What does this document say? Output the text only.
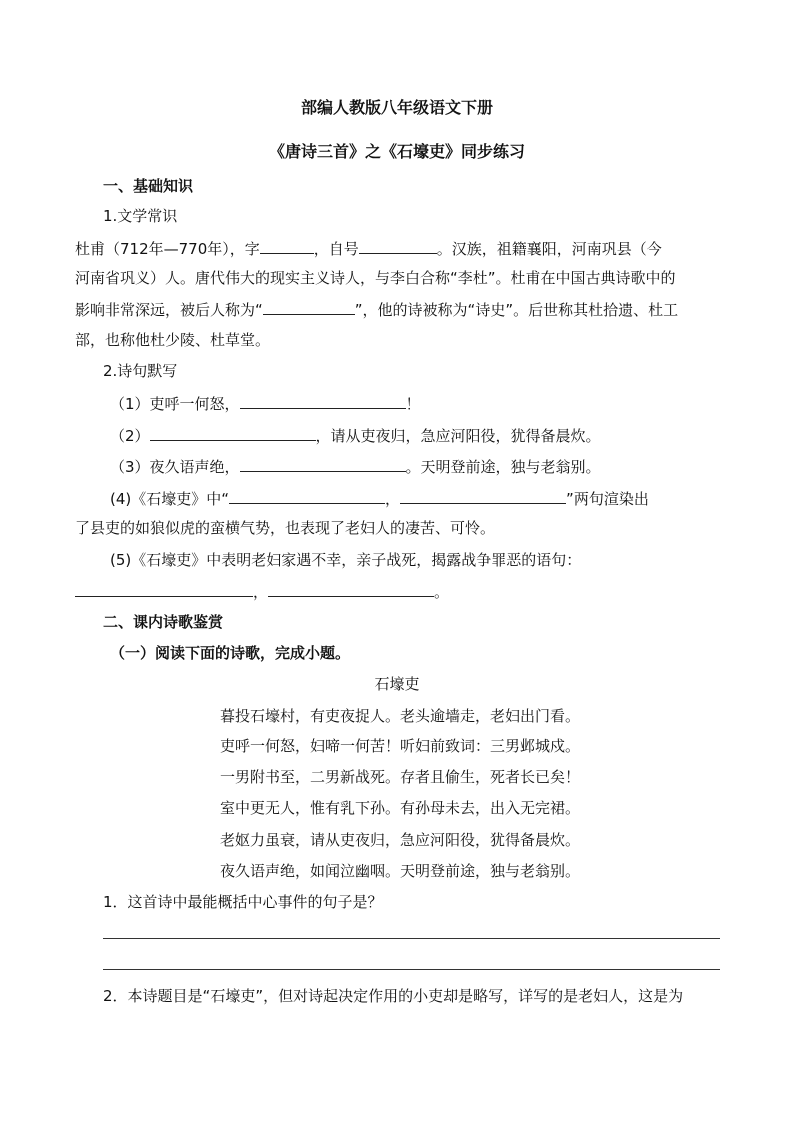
部编人教版八年级语文下册
《唐诗三首》之《石壕吏》同步练习
一、基础知识
1.文学常识
杜甫（712年—770年），字	，自号	。汉族，祖籍襄阳，河南巩县（今
河南省巩义）人。唐代伟大的现实主义诗人，与李白合称“李杜”。杜甫在中国古典诗歌中的
影响非常深远，被后人称为“	”，他的诗被称为“诗史”。后世称其杜拾遗、杜工
部，也称他杜少陵、杜草堂。
2.诗句默写
（1）吏呼一何怒，	！
（2）	，请从吏夜归，急应河阳役，犹得备晨炊。
（3）夜久语声绝，	。天明登前途，独与老翁别。
(4)《石壕吏》中“	，	”两句渲染出
了县吏的如狼似虎的蛮横气势，也表现了老妇人的凄苦、可怜。
(5)《石壕吏》中表明老妇家遇不幸，亲子战死，揭露战争罪恶的语句：
，	。
二、课内诗歌鉴赏
（一）阅读下面的诗歌，完成小题。
石壕吏
暮投石壕村，有吏夜捉人。老头逾墙走，老妇出门看。
吏呼一何怒，妇啼一何苦！听妇前致词：三男邺城戍。
一男附书至，二男新战死。存者且偷生，死者长已矣！
室中更无人，惟有乳下孙。有孙母未去，出入无完裙。
老妪力虽衰，请从吏夜归，急应河阳役，犹得备晨炊。
夜久语声绝，如闻泣幽咽。天明登前途，独与老翁别。
1．这首诗中最能概括中心事件的句子是？
2．本诗题目是“石壕吏”，但对诗起决定作用的小吏却是略写，详写的是老妇人，这是为
